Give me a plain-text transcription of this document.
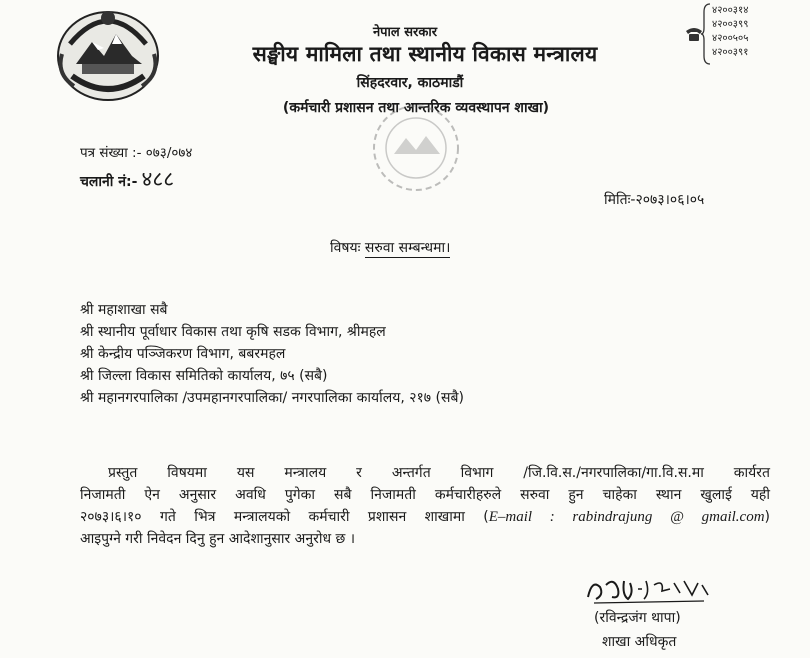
नेपाल सरकार
सङ्घीय मामिला तथा स्थानीय विकास मन्त्रालय
सिंहदरवार, काठमाडौं
(कर्मचारी प्रशासन तथा आन्तरिक व्यवस्थापन शाखा)
४२००३१४
४२००३९९
४२००५०५
४२००३९१
पत्र संख्या :- ०७३/०७४
चलानी नं:- ४८८
मितिः-२०७३।०६।०५
विषयः सरुवा सम्बन्धमा।
श्री महाशाखा सबै
श्री स्थानीय पूर्वाधार विकास तथा कृषि सडक विभाग, श्रीमहल
श्री केन्द्रीय पञ्जिकरण विभाग, बबरमहल
श्री जिल्ला विकास समितिको कार्यालय, ७५ (सबै)
श्री महानगरपालिका /उपमहानगरपालिका/ नगरपालिका कार्यालय, २१७ (सबै)
प्रस्तुत विषयमा यस मन्त्रालय र अन्तर्गत विभाग /जि.वि.स./नगरपालिका/गा.वि.स.मा कार्यरत
निजामती ऐन अनुसार अवधि पुगेका सबै निजामती कर्मचारीहरुले सरुवा हुन चाहेका स्थान खुलाई यही
२०७३।६।१० गते भित्र मन्त्रालयको कर्मचारी प्रशासन शाखामा (E–mail : rabindrajung @ gmail.com)
आइपुग्ने गरी निवेदन दिनु हुन आदेशानुसार अनुरोध छ ।
(रविन्द्रजंग थापा)
शाखा अधिकृत
